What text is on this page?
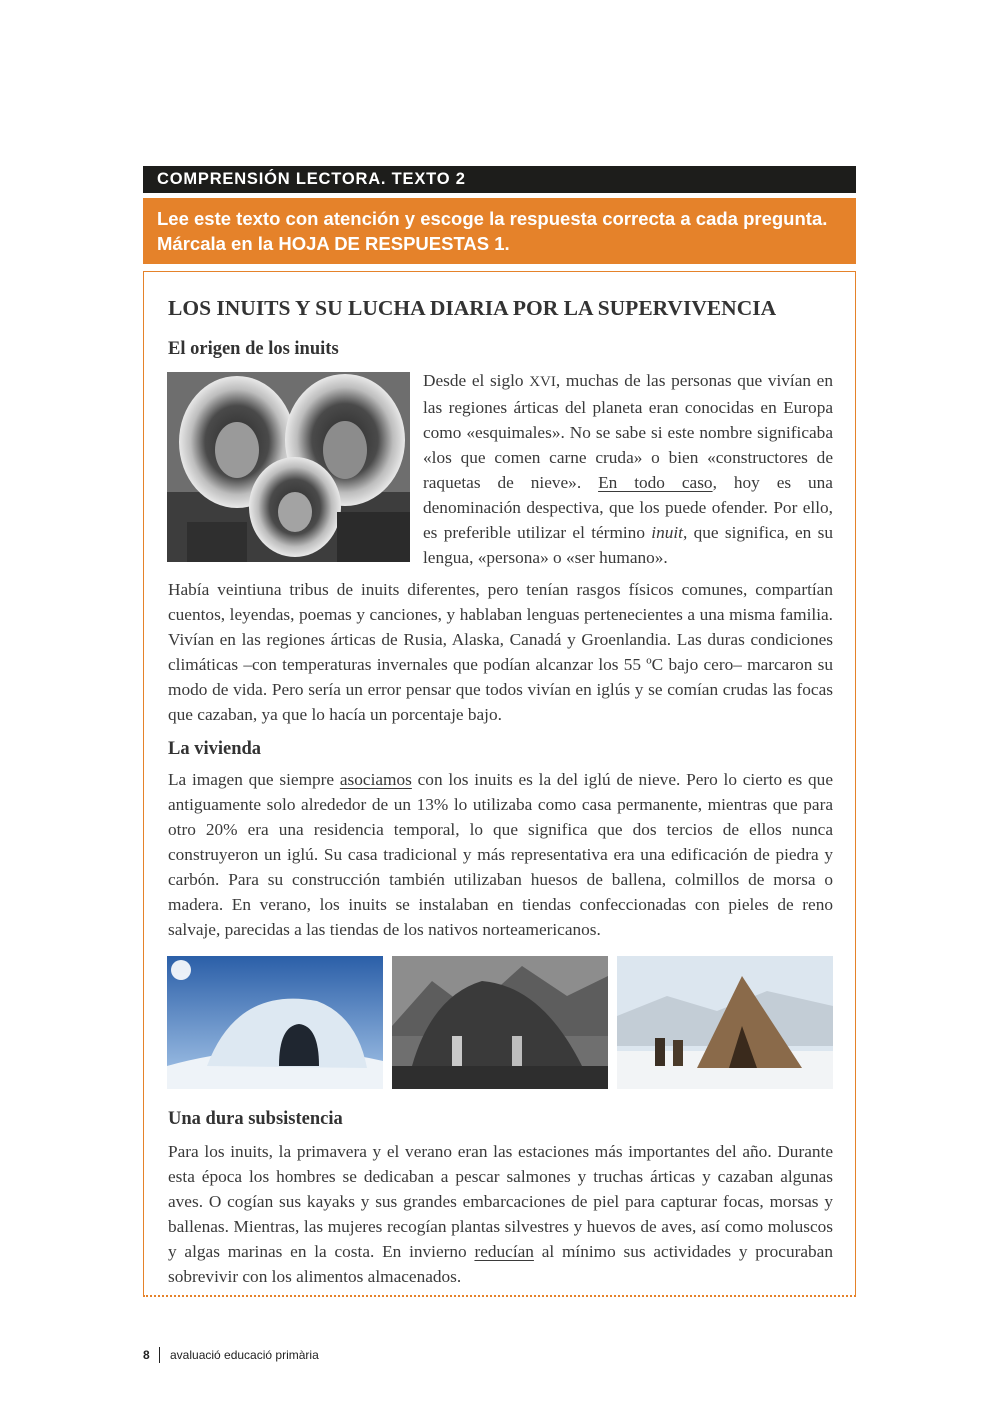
COMPRENSIÓN LECTORA. TEXTO 2
Lee este texto con atención y escoge la respuesta correcta a cada pregunta. Márcala en la HOJA DE RESPUESTAS 1.
LOS INUITS Y SU LUCHA DIARIA POR LA SUPERVIVENCIA
El origen de los inuits

Desde el siglo XVI, muchas de las personas que vivían en las regiones árticas del planeta eran conocidas en Europa como «esquimales». No se sabe si este nombre significaba «los que comen carne cruda» o bien «constructores de raquetas de nieve». En todo caso, hoy es una denominación despectiva, que los puede ofender. Por ello, es preferible utilizar el término inuit, que significa, en su lengua, «persona» o «ser humano».

Había veintiuna tribus de inuits diferentes, pero tenían rasgos físicos comunes, compartían cuentos, leyendas, poemas y canciones, y hablaban lenguas pertenecientes a una misma familia. Vivían en las regiones árticas de Rusia, Alaska, Canadá y Groenlandia. Las duras condiciones climáticas –con temperaturas invernales que podían alcanzar los 55 ºC bajo cero– marcaron su modo de vida. Pero sería un error pensar que todos vivían en iglús y se comían crudas las focas que cazaban, ya que lo hacía un porcentaje bajo.

La vivienda

La imagen que siempre asociamos con los inuits es la del iglú de nieve. Pero lo cierto es que antiguamente solo alrededor de un 13% lo utilizaba como casa permanente, mientras que para otro 20% era una residencia temporal, lo que significa que dos tercios de ellos nunca construyeron un iglú. Su casa tradicional y más representativa era una edificación de piedra y carbón. Para su construcción también utilizaban huesos de ballena, colmillos de morsa o madera. En verano, los inuits se instalaban en tiendas confeccionadas con pieles de reno salvaje, parecidas a las tiendas de los nativos norteamericanos.

Una dura subsistencia

Para los inuits, la primavera y el verano eran las estaciones más importantes del año. Durante esta época los hombres se dedicaban a pescar salmones y truchas árticas y cazaban algunas aves. O cogían sus kayaks y sus grandes embarcaciones de piel para capturar focas, morsas y ballenas. Mientras, las mujeres recogían plantas silvestres y huevos de aves, así como moluscos y algas marinas en la costa. En invierno reducían al mínimo sus actividades y procuraban sobrevivir con los alimentos almacenados.

8 avaluació educació primària
